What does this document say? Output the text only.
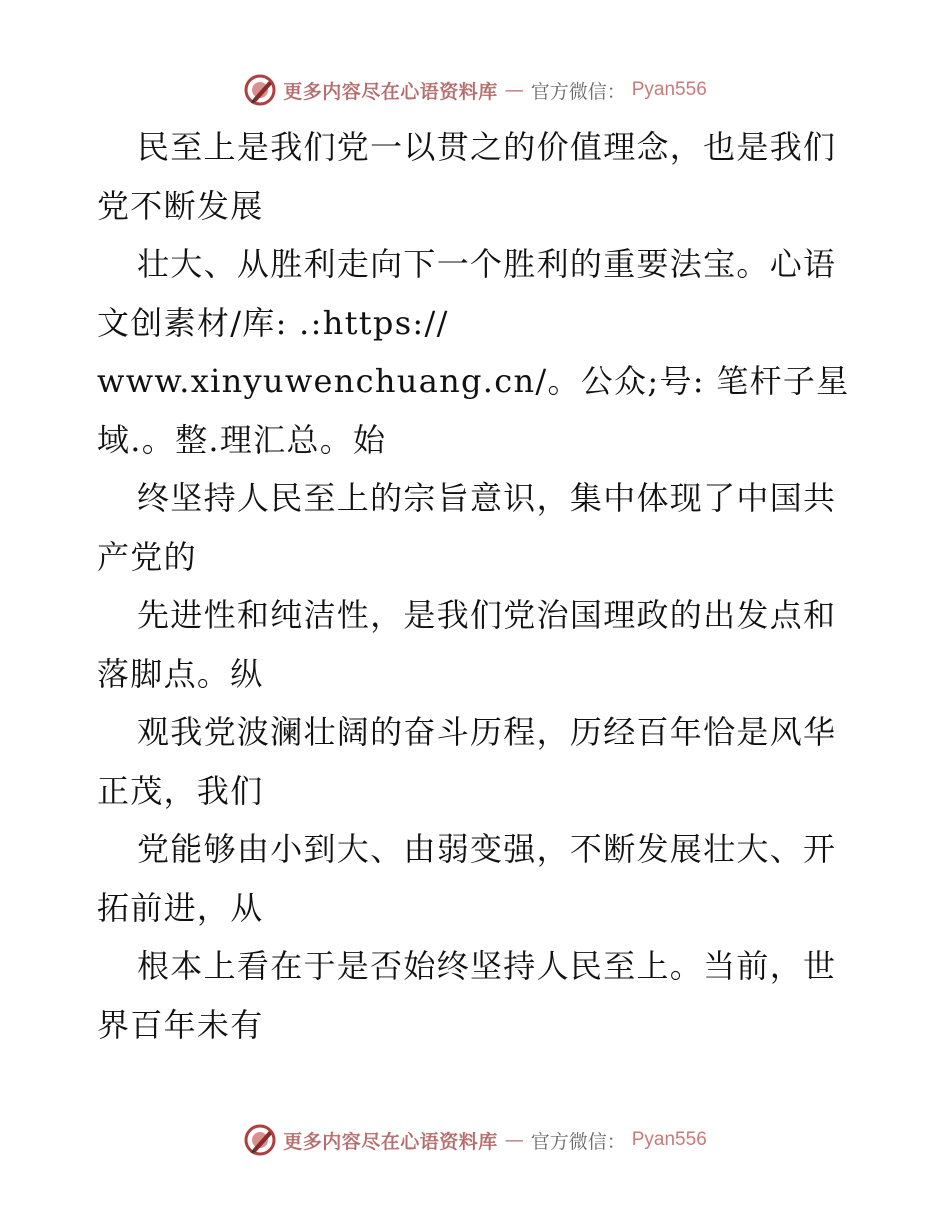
更多内容尽在心语资料库 — 官方微信： Pyan556
民至上是我们党一以贯之的价值理念，也是我们
党不断发展
壮大、从胜利走向下一个胜利的重要法宝。心语
文创素材/库: .:https://
www.xinyuwenchuang.cn/。公众;号: 笔杆子星
域.。整.理汇总。始
终坚持人民至上的宗旨意识，集中体现了中国共
产党的
先进性和纯洁性，是我们党治国理政的出发点和
落脚点。纵
观我党波澜壮阔的奋斗历程，历经百年恰是风华
正茂，我们
党能够由小到大、由弱变强，不断发展壮大、开
拓前进，从
根本上看在于是否始终坚持人民至上。当前，世
界百年未有
更多内容尽在心语资料库 — 官方微信： Pyan556
